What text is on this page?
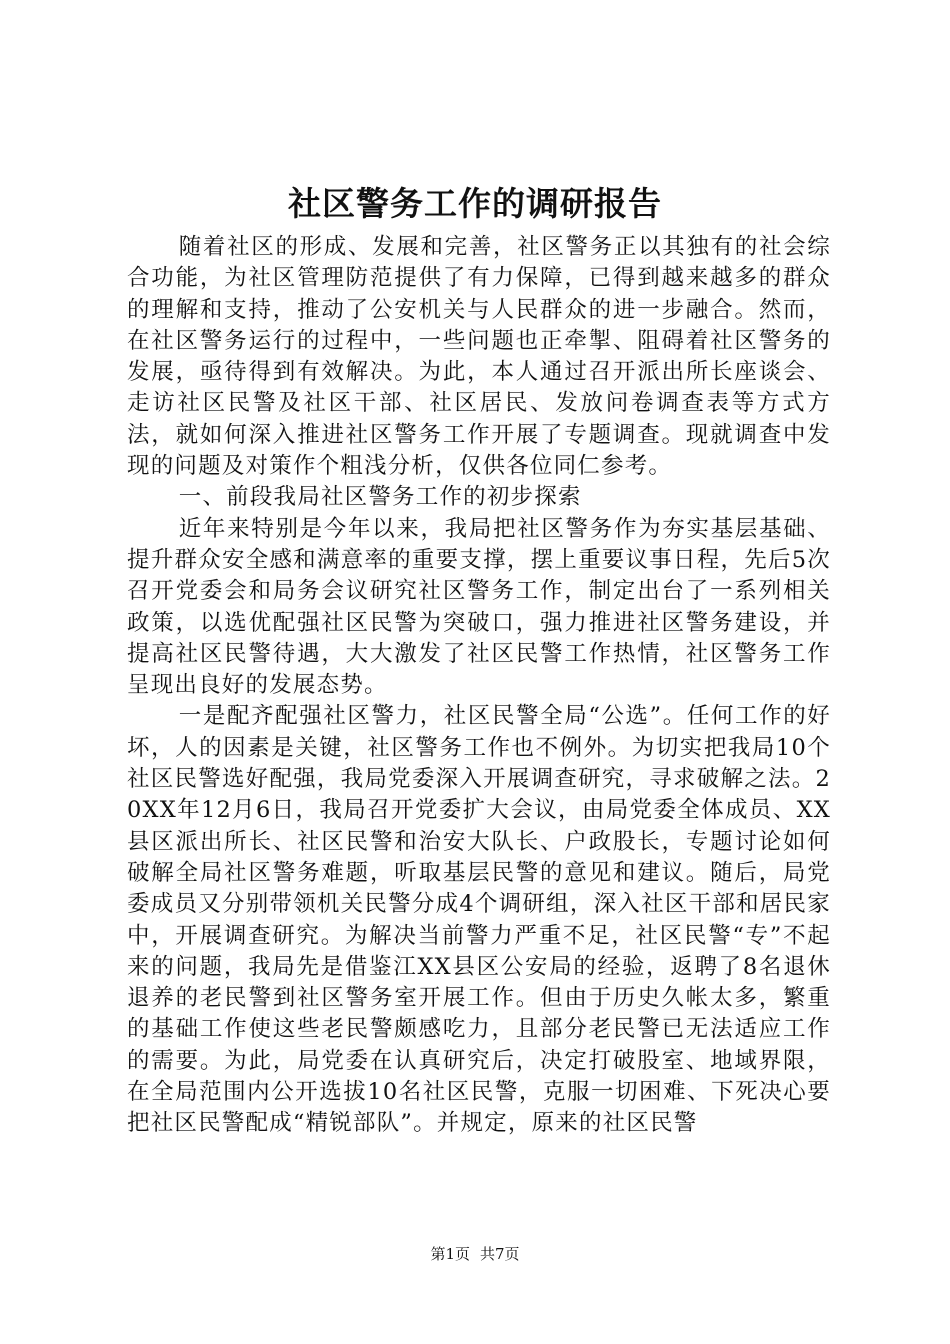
社区警务工作的调研报告

随着社区的形成、发展和完善，社区警务正以其独有的社会综合功能，为社区管理防范提供了有力保障，已得到越来越多的群众的理解和支持，推动了公安机关与人民群众的进一步融合。然而，在社区警务运行的过程中，一些问题也正牵掣、阻碍着社区警务的发展，亟待得到有效解决。为此，本人通过召开派出所长座谈会、走访社区民警及社区干部、社区居民、发放问卷调查表等方式方法，就如何深入推进社区警务工作开展了专题调查。现就调查中发现的问题及对策作个粗浅分析，仅供各位同仁参考。

一、前段我局社区警务工作的初步探索

近年来特别是今年以来，我局把社区警务作为夯实基层基础、提升群众安全感和满意率的重要支撑，摆上重要议事日程，先后5次召开党委会和局务会议研究社区警务工作，制定出台了一系列相关政策，以选优配强社区民警为突破口，强力推进社区警务建设，并提高社区民警待遇，大大激发了社区民警工作热情，社区警务工作呈现出良好的发展态势。

一是配齐配强社区警力，社区民警全局“公选”。任何工作的好坏，人的因素是关键，社区警务工作也不例外。为切实把我局10个社区民警选好配强，我局党委深入开展调查研究，寻求破解之法。20XX年12月6日，我局召开党委扩大会议，由局党委全体成员、XX县区派出所长、社区民警和治安大队长、户政股长，专题讨论如何破解全局社区警务难题，听取基层民警的意见和建议。随后，局党委成员又分别带领机关民警分成4个调研组，深入社区干部和居民家中，开展调查研究。为解决当前警力严重不足，社区民警“专”不起来的问题，我局先是借鉴江XX县区公安局的经验，返聘了8名退休退养的老民警到社区警务室开展工作。但由于历史久帐太多，繁重的基础工作使这些老民警颇感吃力，且部分老民警已无法适应工作的需要。为此，局党委在认真研究后，决定打破股室、地域界限，在全局范围内公开选拔10名社区民警，克服一切困难、下死决心要把社区民警配成“精锐部队”。并规定，原来的社区民警

第1页 共7页
